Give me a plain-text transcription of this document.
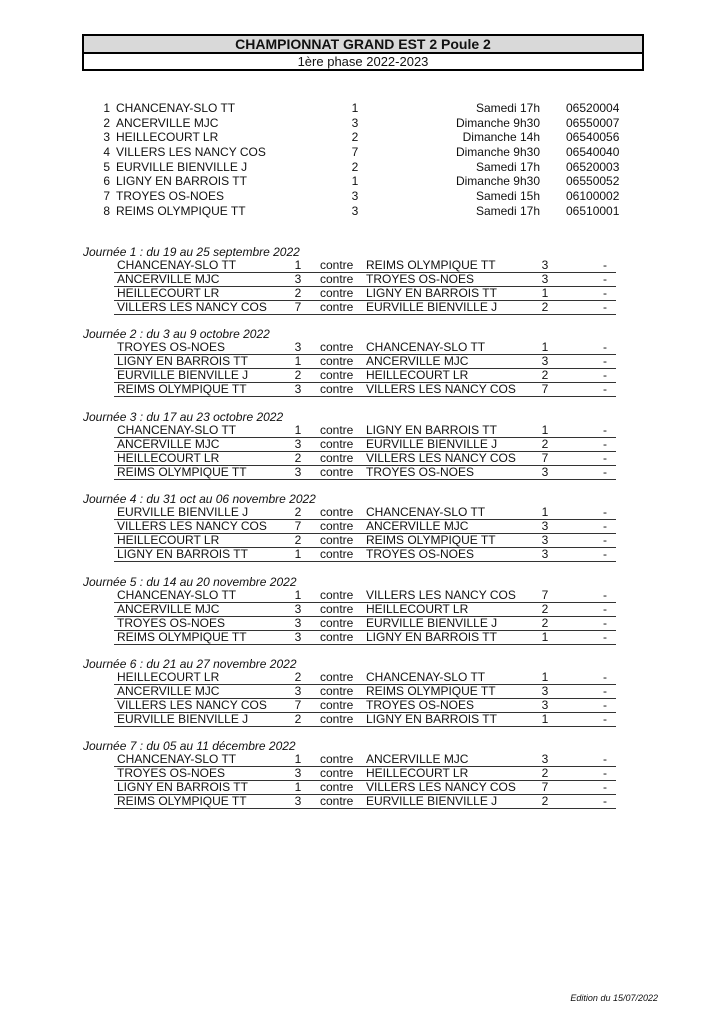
CHAMPIONNAT GRAND EST 2 Poule 2
1ère phase 2022-2023
1 CHANCENAY-SLO TT	1	Samedi 17h 06520004
2 ANCERVILLE MJC	3	Dimanche 9h30 06550007
3 HEILLECOURT LR	2	Dimanche 14h 06540056
4 VILLERS LES NANCY COS	7	Dimanche 9h30 06540040
5 EURVILLE BIENVILLE J	2	Samedi 17h 06520003
6 LIGNY EN BARROIS TT	1	Dimanche 9h30 06550052
7 TROYES OS-NOES	3	Samedi 15h 06100002
8 REIMS OLYMPIQUE TT	3	Samedi 17h 06510001
Journée 1 : du 19 au 25 septembre 2022
CHANCENAY-SLO TT	1	contre REIMS OLYMPIQUE TT	3	-
ANCERVILLE MJC	3	contre TROYES OS-NOES	3	-
HEILLECOURT LR	2	contre LIGNY EN BARROIS TT	1	-
VILLERS LES NANCY COS	7	contre EURVILLE BIENVILLE J	2	-
Journée 2 : du 3 au 9 octobre 2022
TROYES OS-NOES	3	contre CHANCENAY-SLO TT	1	-
LIGNY EN BARROIS TT	1	contre ANCERVILLE MJC	3	-
EURVILLE BIENVILLE J	2	contre HEILLECOURT LR	2	-
REIMS OLYMPIQUE TT	3	contre VILLERS LES NANCY COS	7	-
Journée 3 : du 17 au 23 octobre 2022
CHANCENAY-SLO TT	1	contre LIGNY EN BARROIS TT	1	-
ANCERVILLE MJC	3	contre EURVILLE BIENVILLE J	2	-
HEILLECOURT LR	2	contre VILLERS LES NANCY COS	7	-
REIMS OLYMPIQUE TT	3	contre TROYES OS-NOES	3	-
Journée 4 : du 31 oct au 06 novembre 2022
EURVILLE BIENVILLE J	2	contre CHANCENAY-SLO TT	1	-
VILLERS LES NANCY COS	7	contre ANCERVILLE MJC	3	-
HEILLECOURT LR	2	contre REIMS OLYMPIQUE TT	3	-
LIGNY EN BARROIS TT	1	contre TROYES OS-NOES	3	-
Journée 5 : du 14 au 20 novembre 2022
CHANCENAY-SLO TT	1	contre VILLERS LES NANCY COS	7	-
ANCERVILLE MJC	3	contre HEILLECOURT LR	2	-
TROYES OS-NOES	3	contre EURVILLE BIENVILLE J	2	-
REIMS OLYMPIQUE TT	3	contre LIGNY EN BARROIS TT	1	-
Journée 6 : du 21 au 27 novembre 2022
HEILLECOURT LR	2	contre CHANCENAY-SLO TT	1	-
ANCERVILLE MJC	3	contre REIMS OLYMPIQUE TT	3	-
VILLERS LES NANCY COS	7	contre TROYES OS-NOES	3	-
EURVILLE BIENVILLE J	2	contre LIGNY EN BARROIS TT	1	-
Journée 7 : du 05 au 11 décembre 2022
CHANCENAY-SLO TT	1	contre ANCERVILLE MJC	3	-
TROYES OS-NOES	3	contre HEILLECOURT LR	2	-
LIGNY EN BARROIS TT	1	contre VILLERS LES NANCY COS	7	-
REIMS OLYMPIQUE TT	3	contre EURVILLE BIENVILLE J	2	-
Edition du 15/07/2022
